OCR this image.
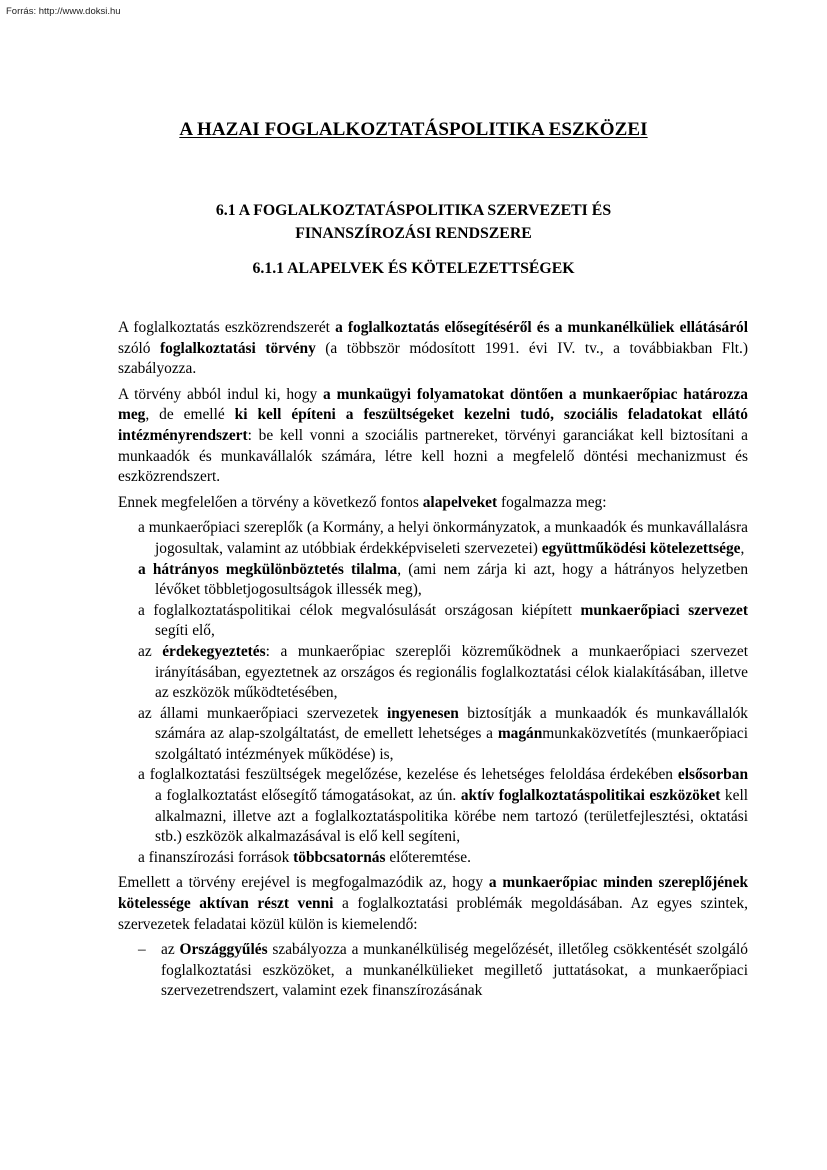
Forrás: http://www.doksi.hu
A HAZAI FOGLALKOZTATÁSPOLITIKA ESZKÖZEI
6.1 A FOGLALKOZTATÁSPOLITIKA SZERVEZETI ÉS
FINANSZÍROZÁSI RENDSZERE
6.1.1 ALAPELVEK ÉS KÖTELEZETTSÉGEK

A foglalkoztatás eszközrendszerét a foglalkoztatás elősegítéséről és a munkanélküliek ellátásáról szóló foglalkoztatási törvény (a többször módosított 1991. évi IV. tv., a továbbiakban Flt.) szabályozza.

A törvény abból indul ki, hogy a munkaügyi folyamatokat döntően a munkaerőpiac határozza meg, de emellé ki kell építeni a feszültségeket kezelni tudó, szociális feladatokat ellátó intézményrendszert: be kell vonni a szociális partnereket, törvényi garanciákat kell biztosítani a munkaadók és munkavállalók számára, létre kell hozni a megfelelő döntési mechanizmust és eszközrendszert.

Ennek megfelelően a törvény a következő fontos alapelveket fogalmazza meg:

a munkaerőpiaci szereplők (a Kormány, a helyi önkormányzatok, a munkaadók és munkavállalásra jogosultak, valamint az utóbbiak érdekképviseleti szervezetei) együttműködési kötelezettsége,
a hátrányos megkülönböztetés tilalma, (ami nem zárja ki azt, hogy a hátrányos helyzetben lévőket többletjogosultságok illessék meg),
a foglalkoztatáspolitikai célok megvalósulását országosan kiépített munkaerőpiaci szervezet segíti elő,
az érdekegyeztetés: a munkaerőpiac szereplői közreműködnek a munkaerőpiaci szervezet irányításában, egyeztetnek az országos és regionális foglalkoztatási célok kialakításában, illetve az eszközök működtetésében,
az állami munkaerőpiaci szervezetek ingyenesen biztosítják a munkaadók és munkavállalók számára az alap-szolgáltatást, de emellett lehetséges a magánmunkaközvetítés (munkaerőpiaci szolgáltató intézmények működése) is,
a foglalkoztatási feszültségek megelőzése, kezelése és lehetséges feloldása érdekében elsősorban a foglalkoztatást elősegítő támogatásokat, az ún. aktív foglalkoztatáspolitikai eszközöket kell alkalmazni, illetve azt a foglalkoztatáspolitika körébe nem tartozó (területfejlesztési, oktatási stb.) eszközök alkalmazásával is elő kell segíteni,
a finanszírozási források többcsatornás előteremtése.

Emellett a törvény erejével is megfogalmazódik az, hogy a munkaerőpiac minden szereplőjének kötelessége aktívan részt venni a foglalkoztatási problémák megoldásában. Az egyes szintek, szervezetek feladatai közül külön is kiemelendő:

– az Országgyűlés szabályozza a munkanélküliség megelőzését, illetőleg csökkentését szolgáló foglalkoztatási eszközöket, a munkanélkülieket megillető juttatásokat, a munkaerőpiaci szervezetrendszert, valamint ezek finanszírozásának
